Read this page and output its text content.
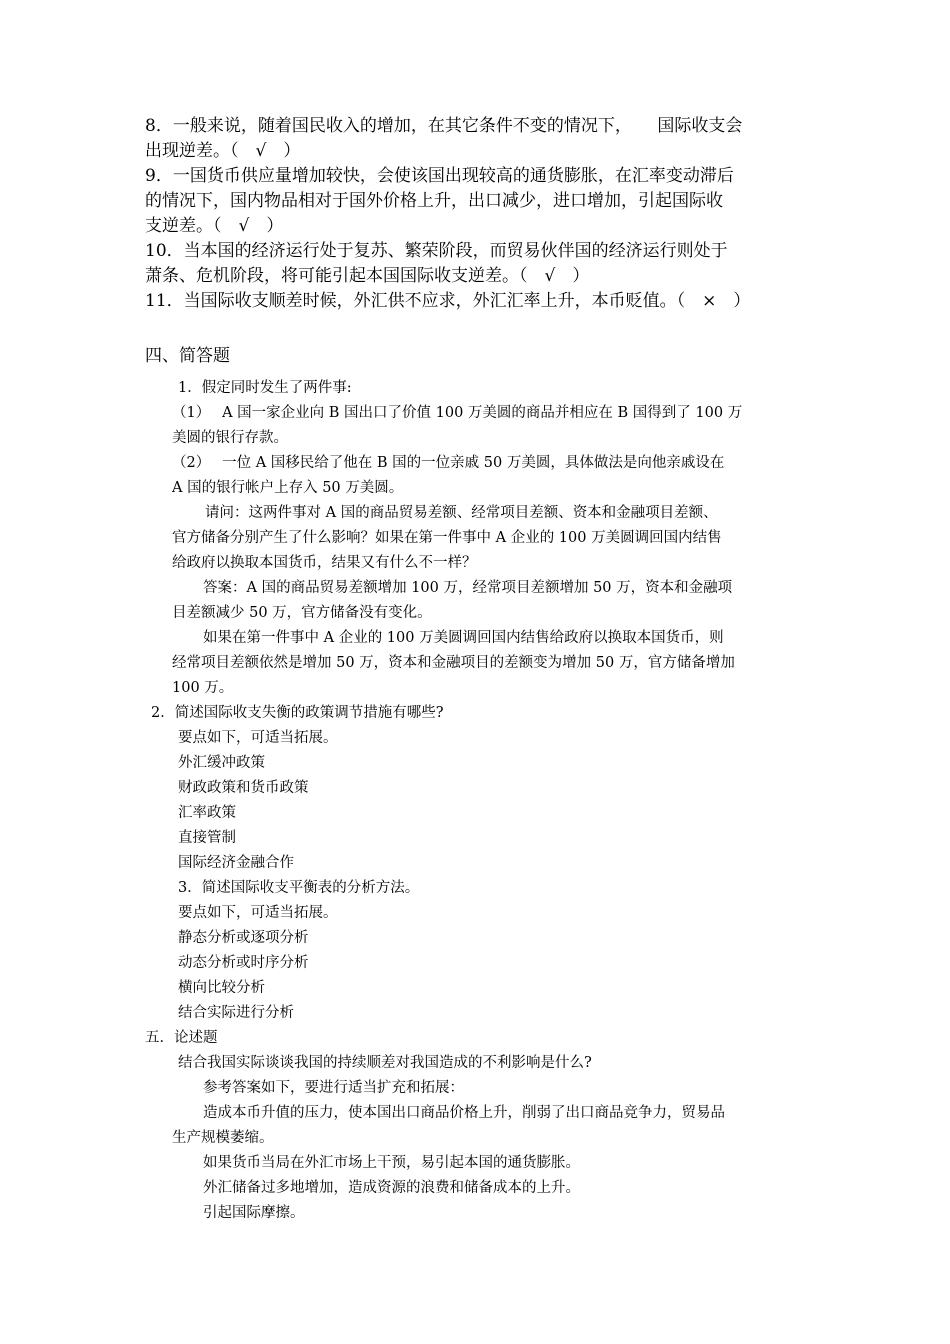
8．一般来说，随着国民收入的增加，在其它条件不变的情况下，　　国际收支会
出现逆差。（　√　）
9．一国货币供应量增加较快，会使该国出现较高的通货膨胀，在汇率变动滞后
的情况下，国内物品相对于国外价格上升，出口减少，进口增加，引起国际收
支逆差。（　√　）
10．当本国的经济运行处于复苏、繁荣阶段，而贸易伙伴国的经济运行则处于
萧条、危机阶段，将可能引起本国国际收支逆差。（　√　）
11．当国际收支顺差时候，外汇供不应求，外汇汇率上升，本币贬值。（　×　）
四、简答题
1．假定同时发生了两件事:
（1）　 A 国一家企业向 B 国出口了价值 100 万美圆的商品并相应在 B 国得到了 100 万
美圆的银行存款。
（2）　 一位 A 国移民给了他在 B 国的一位亲戚 50 万美圆，具体做法是向他亲戚设在
A 国的银行帐户上存入 50 万美圆。
请问：这两件事对 A 国的商品贸易差额、经常项目差额、资本和金融项目差额、
官方储备分别产生了什么影响？如果在第一件事中 A 企业的 100 万美圆调回国内结售
给政府以换取本国货币，结果又有什么不一样？
答案：A 国的商品贸易差额增加 100 万，经常项目差额增加 50 万，资本和金融项
目差额减少 50 万，官方储备没有变化。
如果在第一件事中 A 企业的 100 万美圆调回国内结售给政府以换取本国货币，则
经常项目差额依然是增加 50 万，资本和金融项目的差额变为增加 50 万，官方储备增加
100 万。
2．简述国际收支失衡的政策调节措施有哪些?
要点如下，可适当拓展。
外汇缓冲政策
财政政策和货币政策
汇率政策
直接管制
国际经济金融合作
3．简述国际收支平衡表的分析方法。
要点如下，可适当拓展。
静态分析或逐项分析
动态分析或时序分析
横向比较分析
结合实际进行分析
五．论述题
结合我国实际谈谈我国的持续顺差对我国造成的不利影响是什么?
参考答案如下，要进行适当扩充和拓展：
造成本币升值的压力，使本国出口商品价格上升，削弱了出口商品竞争力，贸易品
生产规模萎缩。
如果货币当局在外汇市场上干预，易引起本国的通货膨胀。
外汇储备过多地增加，造成资源的浪费和储备成本的上升。
引起国际摩擦。
